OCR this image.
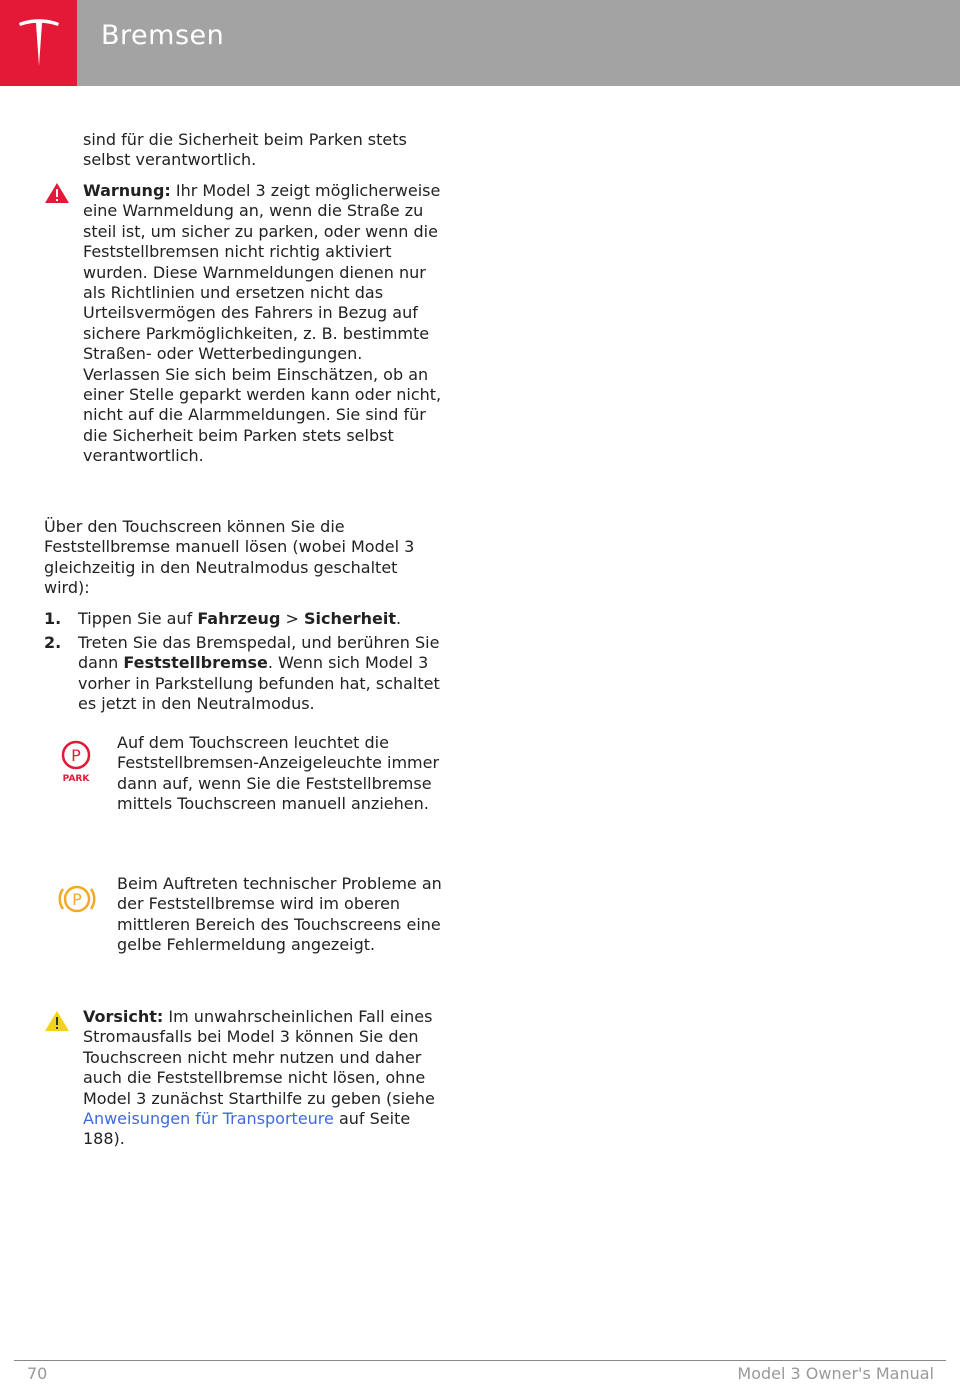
Bremsen
sind für die Sicherheit beim Parken stets selbst verantwortlich.
Warnung: Ihr Model 3 zeigt möglicherweise eine Warnmeldung an, wenn die Straße zu steil ist, um sicher zu parken, oder wenn die Feststellbremsen nicht richtig aktiviert wurden. Diese Warnmeldungen dienen nur als Richtlinien und ersetzen nicht das Urteilsvermögen des Fahrers in Bezug auf sichere Parkmöglichkeiten, z. B. bestimmte Straßen- oder Wetterbedingungen. Verlassen Sie sich beim Einschätzen, ob an einer Stelle geparkt werden kann oder nicht, nicht auf die Alarmmeldungen. Sie sind für die Sicherheit beim Parken stets selbst verantwortlich.
Über den Touchscreen können Sie die Feststellbremse manuell lösen (wobei Model 3 gleichzeitig in den Neutralmodus geschaltet wird):
1.	Tippen Sie auf Fahrzeug > Sicherheit.
2.	Treten Sie das Bremspedal, und berühren Sie dann Feststellbremse. Wenn sich Model 3 vorher in Parkstellung befunden hat, schaltet es jetzt in den Neutralmodus.
P
PARK
Auf dem Touchscreen leuchtet die Feststellbremsen-Anzeigeleuchte immer dann auf, wenn Sie die Feststellbremse mittels Touchscreen manuell anziehen.
P
Beim Auftreten technischer Probleme an der Feststellbremse wird im oberen mittleren Bereich des Touchscreens eine gelbe Fehlermeldung angezeigt.
Vorsicht: Im unwahrscheinlichen Fall eines Stromausfalls bei Model 3 können Sie den Touchscreen nicht mehr nutzen und daher auch die Feststellbremse nicht lösen, ohne Model 3 zunächst Starthilfe zu geben (siehe Anweisungen für Transporteure auf Seite 188).
70	Model 3 Owner's Manual
